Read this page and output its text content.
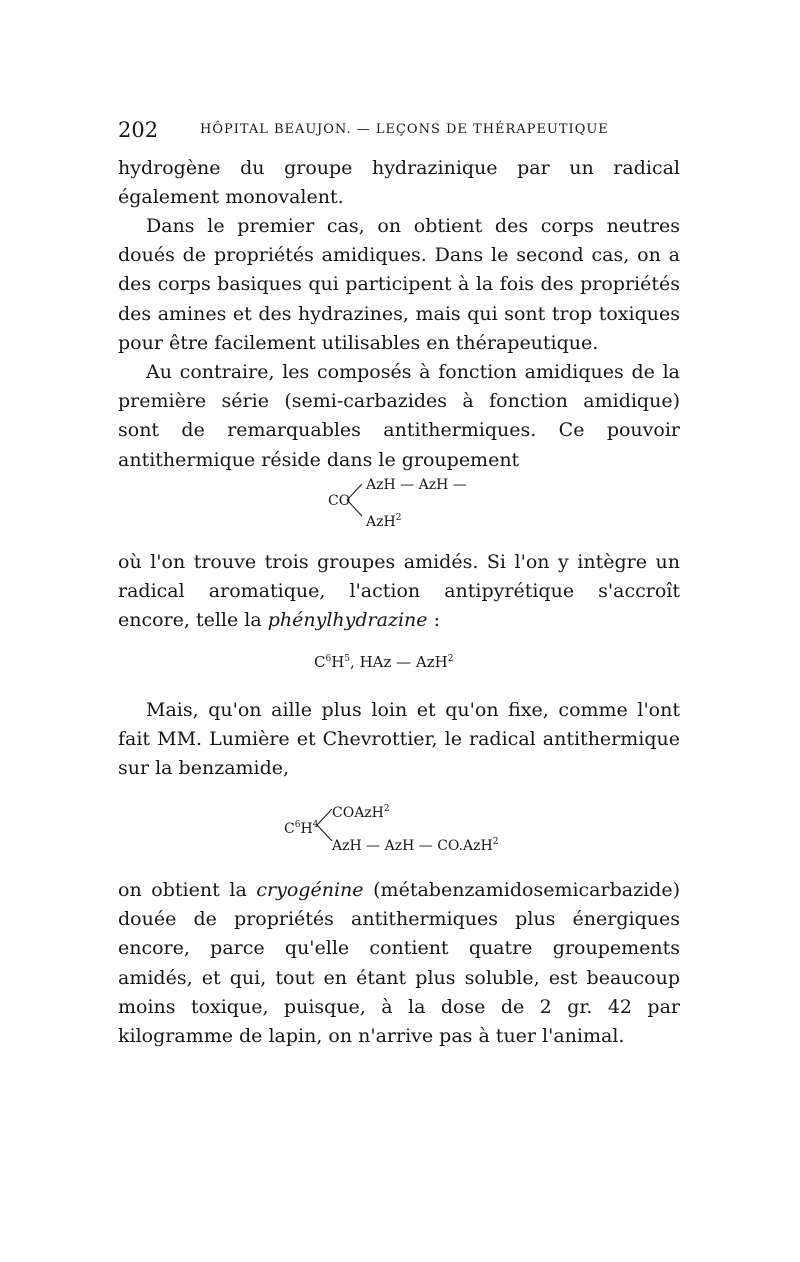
202	HÔPITAL BEAUJON. — LEÇONS DE THÉRAPEUTIQUE

hydrogène du groupe hydrazinique par un radical également monovalent.

Dans le premier cas, on obtient des corps neutres doués de propriétés amidiques. Dans le second cas, on a des corps basiques qui participent à la fois des propriétés des amines et des hydrazines, mais qui sont trop toxiques pour être facilement utilisables en thérapeutique.

Au contraire, les composés à fonction amidiques de la première série (semi-carbazides à fonction amidique) sont de remarquables antithermiques. Ce pouvoir antithermique réside dans le groupement

CO
AzH — AzH —
AzH$^2$

où l'on trouve trois groupes amidés. Si l'on y intègre un radical aromatique, l'action antipyrétique s'accroît encore, telle la phénylhydrazine :

$C^6H^5$, HAz — AzH$^2$

Mais, qu'on aille plus loin et qu'on fixe, comme l'ont fait MM. Lumière et Chevrottier, le radical antithermique sur la benzamide,

$C^6H^4$
COAzH$^2$
AzH — AzH — CO.AzH$^2$

on obtient la cryogénine (métabenzamidosemicarbazide) douée de propriétés antithermiques plus énergiques encore, parce qu'elle contient quatre groupements amidés, et qui, tout en étant plus soluble, est beaucoup moins toxique, puisque, à la dose de 2 gr. 42 par kilogramme de lapin, on n'arrive pas à tuer l'animal.
